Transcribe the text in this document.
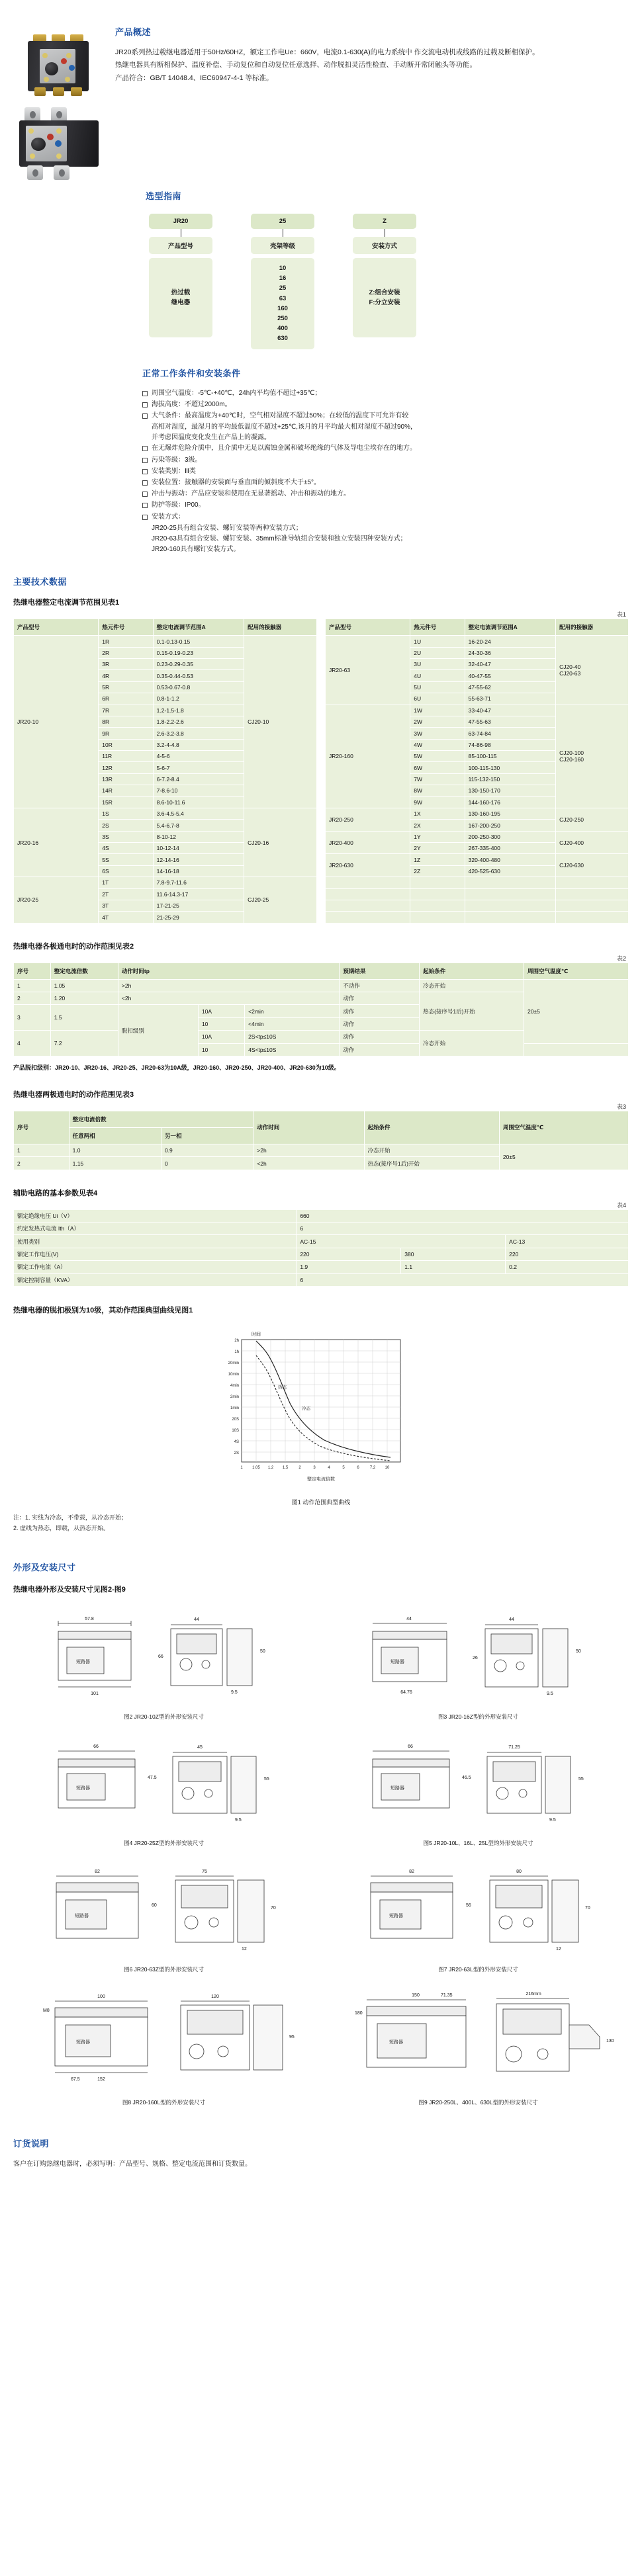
产品概述

JR20系列热过载继电器适用于50Hz/60HZ，额定工作电Ue：660V，电流0.1-630(A)的电力系统中 作交流电动机或线路的过载及断相保护。

热继电器具有断相保护、温度补偿、手动复位和自动复位任意选择、动作脱扣灵活性检查、手动断开常闭触头等功能。

产品符合：GB/T 14048.4、IEC60947-4-1 等标准。

选型指南
JR20
产品型号
热过载
继电器
25
壳架等级
10
16
25
63
160
250
400
630
Z
安装方式
Z:组合安装
F:分立安装
正常工作条件和安装条件
周围空气温度：-5℃-+40℃，24h内平均值不超过+35℃；
海拔高度：不超过2000m。
大气条件：最高温度为+40℃时，空气相对湿度不超过50%；在较低的温度下可允许有较
高相对湿度，最湿月的平均最低温度不超过+25℃,该月的月平均最大相对湿度不超过90%，
并考虑因温度变化发生在产品上的凝露。
在无爆炸危险介质中，且介质中无足以腐蚀金属和破坏绝缘的气体及导电尘埃存在的地方。
污染等级：3级。
安装类别：Ⅲ类
安装位置：接触器的安装面与垂直面的倾斜度不大于±5°。
冲击与振动：产品应安装和使用在无显著摇动、冲击和振动的地方。
防护等级：IP00。
安装方式：
JR20-25具有组合安装、螺钉安装等两种安装方式；
JR20-63具有组合安装、螺钉安装、35mm标准导轨组合安装和独立安装四种安装方式；
JR20-160具有螺钉安装方式。
主要技术数据
热继电器整定电流调节范围见表1
表1
产品型号	热元件号	整定电流调节范围A	配用的接触器
JR20-10	1R	0.1-0.13-0.15	CJ20-10
	2R	0.15-0.19-0.23	
	3R	0.23-0.29-0.35	
	4R	0.35-0.44-0.53	
	5R	0.53-0.67-0.8	
	6R	0.8-1-1.2	
	7R	1.2-1.5-1.8	
	8R	1.8-2.2-2.6	
	9R	2.6-3.2-3.8	
	10R	3.2-4-4.8	
	11R	4-5-6	
	12R	5-6-7	
	13R	6-7.2-8.4	
	14R	7-8.6-10	
	15R	8.6-10-11.6	
JR20-16	1S	3.6-4.5-5.4	CJ20-16
	2S	5.4-6.7-8	
	3S	8-10-12	
	4S	10-12-14	
	5S	12-14-16	
	6S	14-16-18	
JR20-25	1T	7.8-9.7-11.6	CJ20-25
	2T	11.6-14.3-17	
	3T	17-21-25	
	4T	21-25-29	
产品型号	热元件号	整定电流调节范围A	配用的接触器
JR20-63	1U	16-20-24	CJ20-40
CJ20-63
	2U	24-30-36	
	3U	32-40-47	
	4U	40-47-55	
	5U	47-55-62	
	6U	55-63-71	
JR20-160	1W	33-40-47	CJ20-100
CJ20-160
	2W	47-55-63	
	3W	63-74-84	
	4W	74-86-98	
	5W	85-100-115	
	6W	100-115-130	
	7W	115-132-150	
	8W	130-150-170	
	9W	144-160-176	
JR20-250	1X	130-160-195	CJ20-250
	2X	167-200-250	
JR20-400	1Y	200-250-300	CJ20-400
	2Y	267-335-400	
JR20-630	1Z	320-400-480	CJ20-630
	2Z	420-525-630	

热继电器各极通电时的动作范围见表2
表2
序号	整定电流倍数	动作时间tp			预期结果	起始条件	周围空气温度℃
1	1.05	>2h			不动作	冷态开始	20±5
2	1.20	<2h			动作	热态(接序号1后)开始	
3	1.5	脱扣级别	10A	<2min	动作		
			10	<4min	动作		
4	7.2		10A	2S<tp≤10S	动作	冷态开始	
			10	4S<tp≤10S	动作		
产品脱扣级别：JR20-10、JR20-16、JR20-25、JR20-63为10A级，JR20-160、JR20-250、JR20-400、JR20-630为10级。
热继电器两极通电时的动作范围见表3
表3
序号	整定电流倍数		动作时间	起始条件	周围空气温度℃
	任意两相	另一相			
1	1.0	0.9	>2h	冷态开始	20±5
2	1.15	0	<2h	热态(接序号1后)开始	
辅助电路的基本参数见表4
表4
额定绝缘电压 Ui（V）	660		
约定发热式电流 Ith（A）	6		
使用类别	AC-15		AC-13
额定工作电压(V)	220	380	220
额定工作电流（A）	1.9	1.1	0.2
额定控制容量（KVA）	6		
热继电器的脱扣极别为10级，其动作范围典型曲线见图1
2h
1h
20min
10min
4min
2min
1min
20S
10S
4S
2S
1 1.05 1.2 1.5	2	3	4	5	6	7.2 10
时间
整定电流倍数
热态
冷态
图1 动作范围典型曲线
注：1. 实线为冷态，不带载，从冷态开始；
2. 虚线为热态，即载，从热态开始。
外形及安装尺寸
热继电器外形及安装尺寸见图2-图9
短路器
57.8
101
44
50
66
9.5
图2 JR20-10Z型的外形安装尺寸
短路器
44
64.76
44
50
26
9.5
图3 JR20-16Z型的外形安装尺寸
短路器
66
47.5
45
55
9.5
图4 JR20-25Z型的外形安装尺寸
短路器
66
46.5
71.25
55
9.5
图5 JR20-10L、16L、25L型的外形安装尺寸
短路器
82
60
75
70
12
图6 JR20-63Z型的外形安装尺寸
短路器
82
56
80
70
12
图7 JR20-63L型的外形安装尺寸
短路器
100
M8
152
67.5
120
95
图8 JR20-160L型的外形安装尺寸
短路器
150	71.35
180
216mm
130
图9 JR20-250L、400L、630L型的外形安装尺寸
订货说明

客户在订购热继电器时，必须写明：产品型号、规格、整定电流范围和订货数量。
